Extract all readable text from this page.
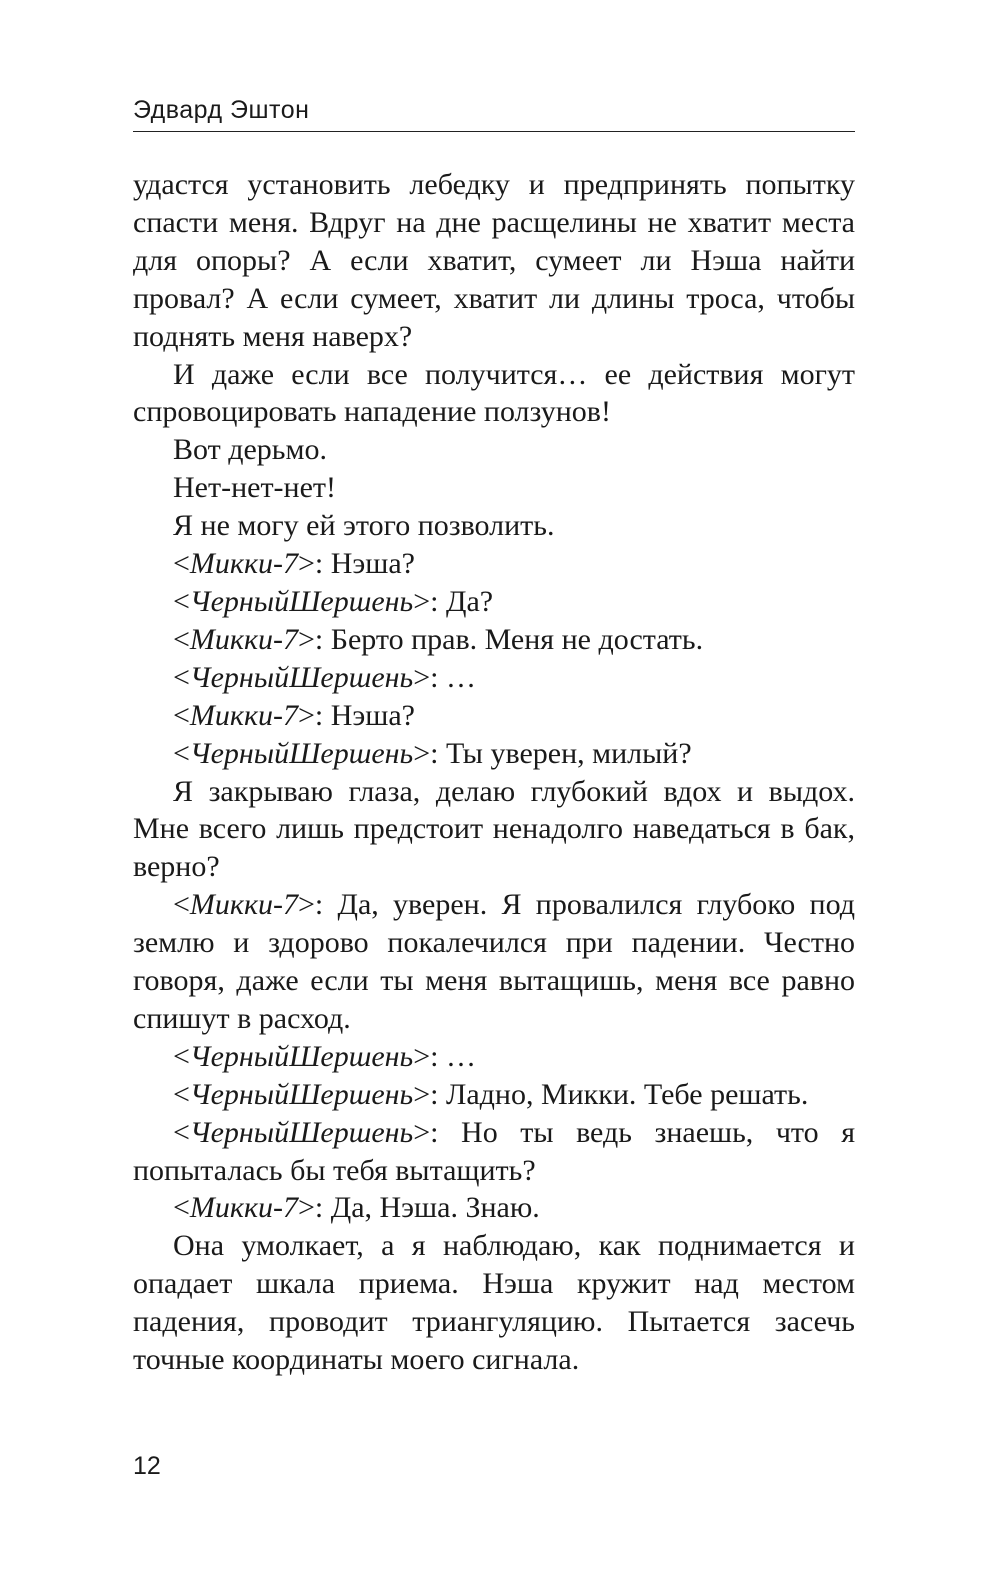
Эдвард Эштон

удастся установить лебедку и предпринять попытку спасти меня. Вдруг на дне расщелины не хватит места для опоры? А если хватит, сумеет ли Нэша найти провал? А если сумеет, хватит ли длины троса, чтобы поднять меня наверх?

И даже если все получится… ее действия могут спровоцировать нападение ползунов!

Вот дерьмо.

Нет-нет-нет!

Я не могу ей этого позволить.

<Микки-7>: Нэша?

<ЧерныйШершень>: Да?

<Микки-7>: Берто прав. Меня не достать.

<ЧерныйШершень>: …

<Микки-7>: Нэша?

<ЧерныйШершень>: Ты уверен, милый?

Я закрываю глаза, делаю глубокий вдох и выдох. Мне всего лишь предстоит ненадолго наведаться в бак, верно?

<Микки-7>: Да, уверен. Я провалился глубоко под землю и здорово покалечился при падении. Честно говоря, даже если ты меня вытащишь, меня все равно спишут в расход.

<ЧерныйШершень>: …

<ЧерныйШершень>: Ладно, Микки. Тебе решать.

<ЧерныйШершень>: Но ты ведь знаешь, что я попыталась бы тебя вытащить?

<Микки-7>: Да, Нэша. Знаю.

Она умолкает, а я наблюдаю, как поднимается и опадает шкала приема. Нэша кружит над местом падения, проводит триангуляцию. Пытается засечь точные координаты моего сигнала.

12
